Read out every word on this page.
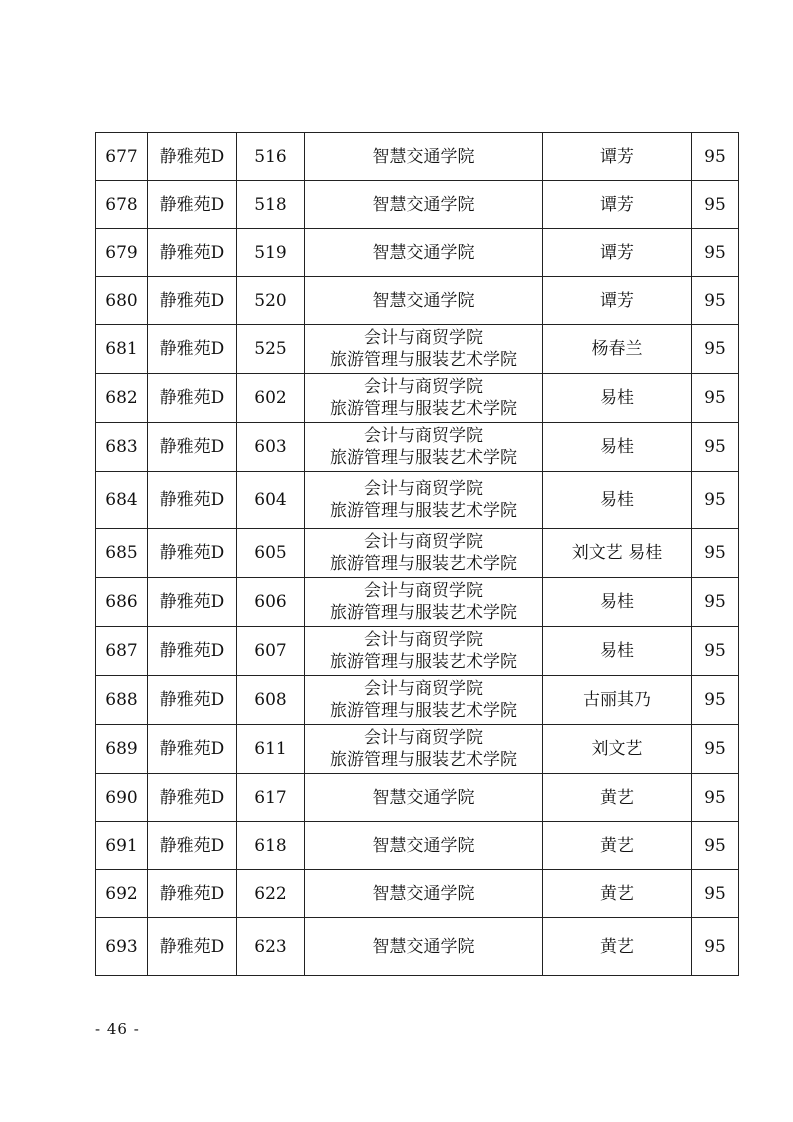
677	静雅苑D	516	智慧交通学院	谭芳	95
678	静雅苑D	518	智慧交通学院	谭芳	95
679	静雅苑D	519	智慧交通学院	谭芳	95
680	静雅苑D	520	智慧交通学院	谭芳	95
681	静雅苑D	525	会计与商贸学院
旅游管理与服装艺术学院	杨春兰	95
682	静雅苑D	602	会计与商贸学院
旅游管理与服装艺术学院	易桂	95
683	静雅苑D	603	会计与商贸学院
旅游管理与服装艺术学院	易桂	95
684	静雅苑D	604	会计与商贸学院
旅游管理与服装艺术学院	易桂	95
685	静雅苑D	605	会计与商贸学院
旅游管理与服装艺术学院	刘文艺 易桂	95
686	静雅苑D	606	会计与商贸学院
旅游管理与服装艺术学院	易桂	95
687	静雅苑D	607	会计与商贸学院
旅游管理与服装艺术学院	易桂	95
688	静雅苑D	608	会计与商贸学院
旅游管理与服装艺术学院	古丽其乃	95
689	静雅苑D	611	会计与商贸学院
旅游管理与服装艺术学院	刘文艺	95
690	静雅苑D	617	智慧交通学院	黄艺	95
691	静雅苑D	618	智慧交通学院	黄艺	95
692	静雅苑D	622	智慧交通学院	黄艺	95
693	静雅苑D	623	智慧交通学院	黄艺	95
- 46 -
